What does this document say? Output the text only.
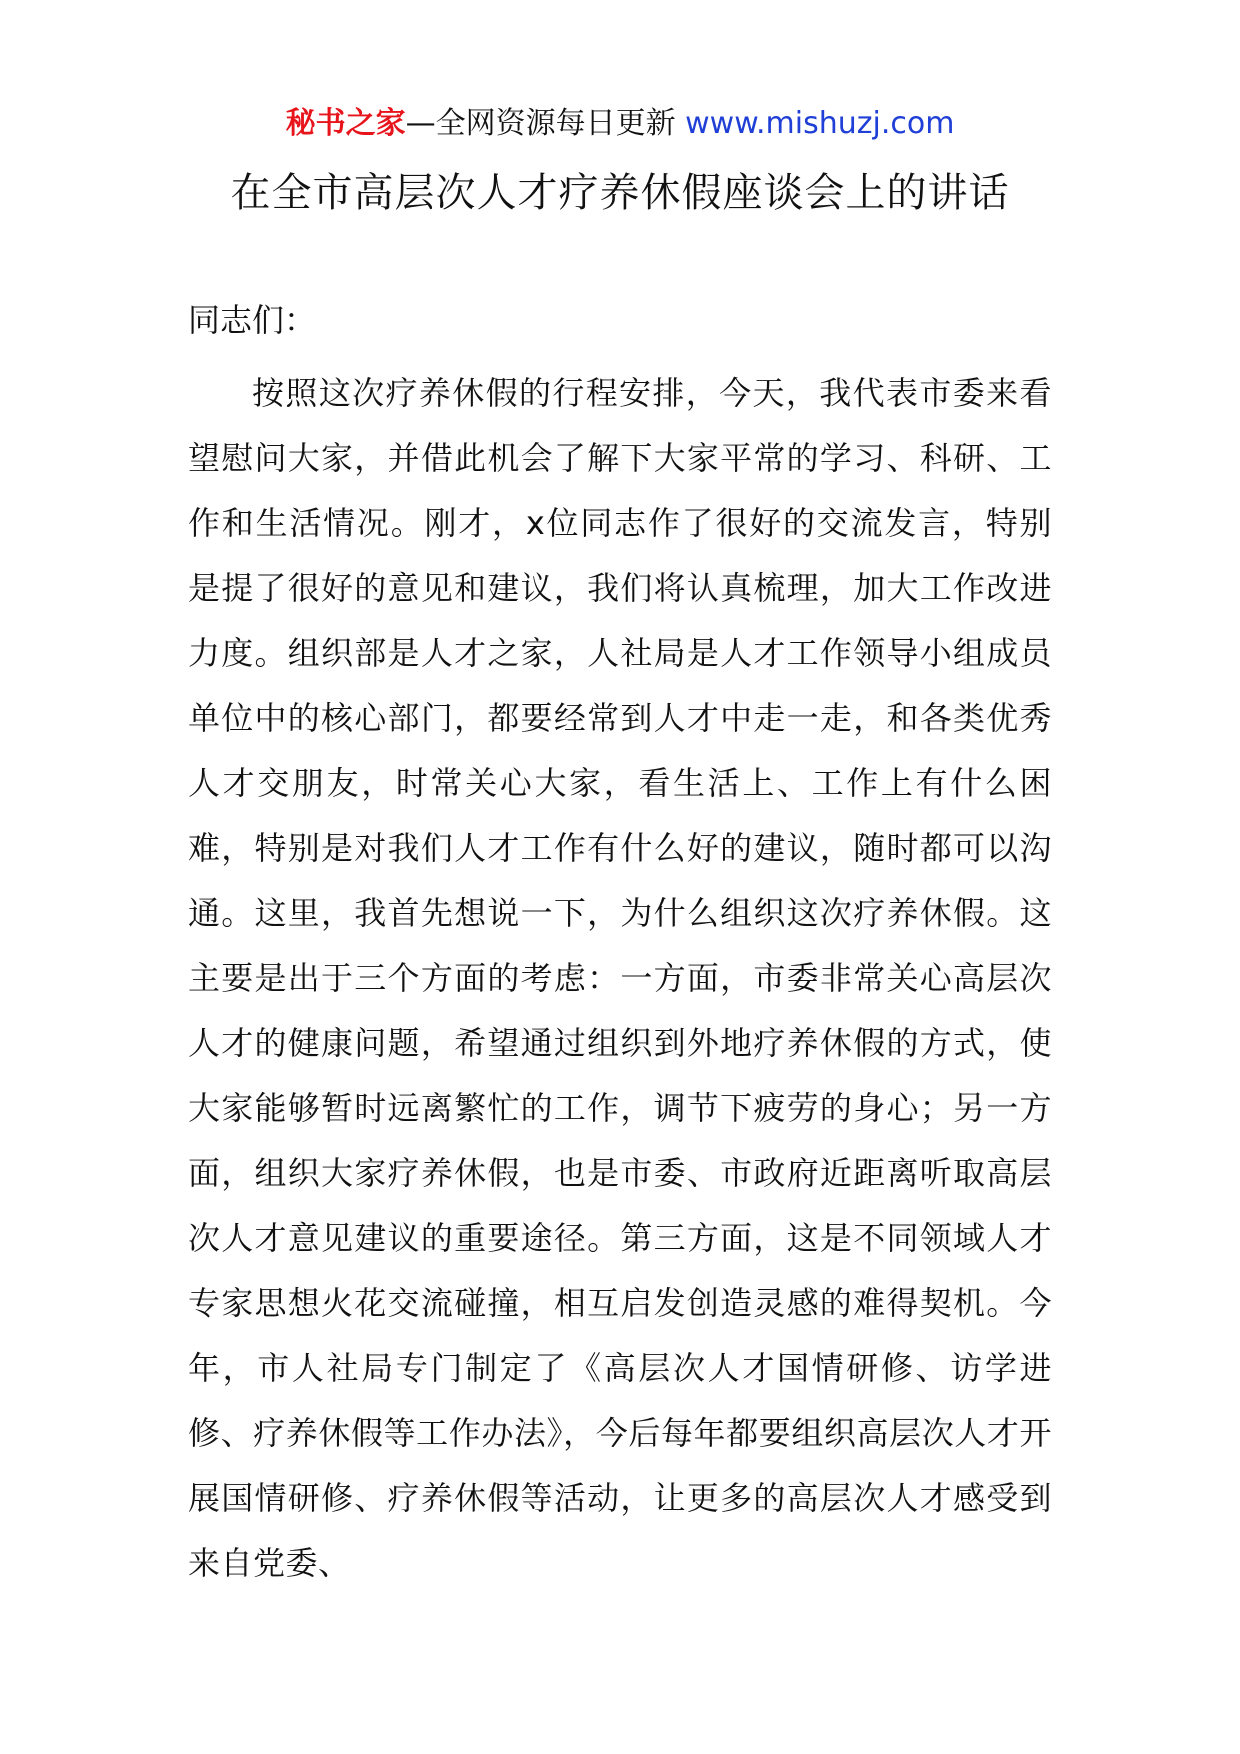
秘书之家—全网资源每日更新 www.mishuzj.com
在全市高层次人才疗养休假座谈会上的讲话

同志们：

按照这次疗养休假的行程安排，今天，我代表市委来看望慰问大家，并借此机会了解下大家平常的学习、科研、工作和生活情况。刚才，x位同志作了很好的交流发言，特别是提了很好的意见和建议，我们将认真梳理，加大工作改进力度。组织部是人才之家，人社局是人才工作领导小组成员单位中的核心部门，都要经常到人才中走一走，和各类优秀人才交朋友，时常关心大家，看生活上、工作上有什么困难，特别是对我们人才工作有什么好的建议，随时都可以沟通。这里，我首先想说一下，为什么组织这次疗养休假。这主要是出于三个方面的考虑：一方面，市委非常关心高层次人才的健康问题，希望通过组织到外地疗养休假的方式，使大家能够暂时远离繁忙的工作，调节下疲劳的身心；另一方面，组织大家疗养休假，也是市委、市政府近距离听取高层次人才意见建议的重要途径。第三方面，这是不同领域人才专家思想火花交流碰撞，相互启发创造灵感的难得契机。今年，市人社局专门制定了《高层次人才国情研修、访学进修、疗养休假等工作办法》，今后每年都要组织高层次人才开展国情研修、疗养休假等活动，让更多的高层次人才感受到来自党委、
